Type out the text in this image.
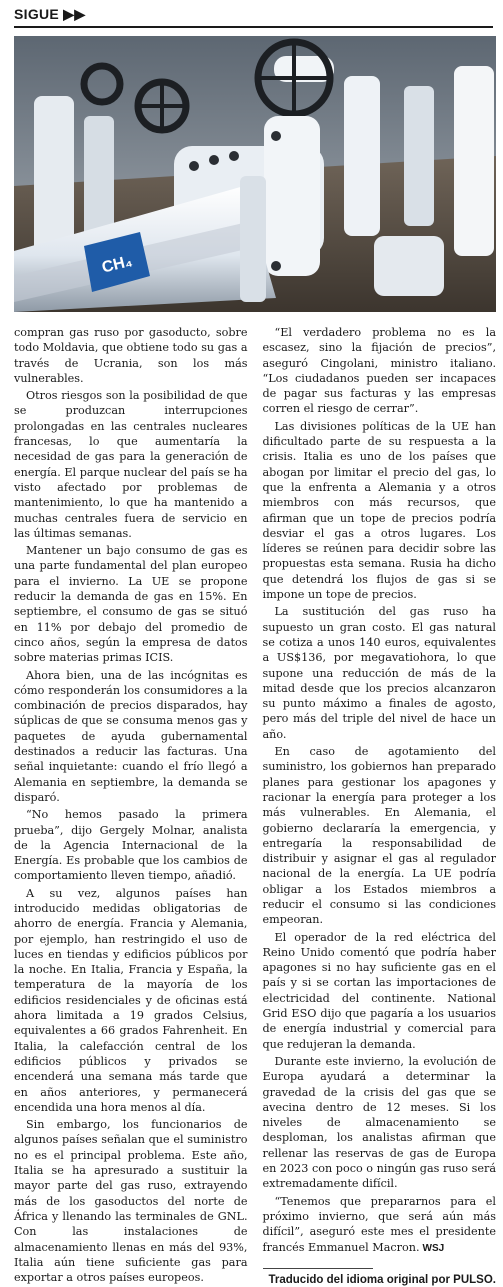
SIGUE ▶▶
CH₄

compran gas ruso por gasoducto, sobre todo Moldavia, que obtiene todo su gas a través de Ucrania, son los más vulnerables.

Otros riesgos son la posibilidad de que se produzcan interrupciones prolongadas en las centrales nucleares francesas, lo que aumentaría la necesidad de gas para la generación de energía. El parque nuclear del país se ha visto afectado por problemas de mantenimiento, lo que ha mantenido a muchas centrales fuera de servicio en las últimas semanas.

Mantener un bajo consumo de gas es una parte fundamental del plan europeo para el invierno. La UE se propone reducir la demanda de gas en 15%. En septiembre, el consumo de gas se situó en 11% por debajo del promedio de cinco años, según la empresa de datos sobre materias primas ICIS.

Ahora bien, una de las incógnitas es cómo responderán los consumidores a la combinación de precios disparados, hay súplicas de que se consuma menos gas y paquetes de ayuda gubernamental destinados a reducir las facturas. Una señal inquietante: cuando el frío llegó a Alemania en septiembre, la demanda se disparó.

“No hemos pasado la primera prueba”, dijo Gergely Molnar, analista de la Agencia Internacional de la Energía. Es probable que los cambios de comportamiento lleven tiempo, añadió.

A su vez, algunos países han introducido medidas obligatorias de ahorro de energía. Francia y Alemania, por ejemplo, han restringido el uso de luces en tiendas y edificios públicos por la noche. En Italia, Francia y España, la temperatura de la mayoría de los edificios residenciales y de oficinas está ahora limitada a 19 grados Celsius, equivalentes a 66 grados Fahrenheit. En Italia, la calefacción central de los edificios públicos y privados se encenderá una semana más tarde que en años anteriores, y permanecerá encendida una hora menos al día.

Sin embargo, los funcionarios de algunos países señalan que el suministro no es el principal problema. Este año, Italia se ha apresurado a sustituir la mayor parte del gas ruso, extrayendo más de los gasoductos del norte de África y llenando las terminales de GNL. Con las instalaciones de almacenamiento llenas en más del 93%, Italia aún tiene suficiente gas para exportar a otros países europeos.

“El verdadero problema no es la escasez, sino la fijación de precios”, aseguró Cingolani, ministro italiano. “Los ciudadanos pueden ser incapaces de pagar sus facturas y las empresas corren el riesgo de cerrar”.

Las divisiones políticas de la UE han dificultado parte de su respuesta a la crisis. Italia es uno de los países que abogan por limitar el precio del gas, lo que la enfrenta a Alemania y a otros miembros con más recursos, que afirman que un tope de precios podría desviar el gas a otros lugares. Los líderes se reúnen para decidir sobre las propuestas esta semana. Rusia ha dicho que detendrá los flujos de gas si se impone un tope de precios.

La sustitución del gas ruso ha supuesto un gran costo. El gas natural se cotiza a unos 140 euros, equivalentes a US$136, por megavatiohora, lo que supone una reducción de más de la mitad desde que los precios alcanzaron su punto máximo a finales de agosto, pero más del triple del nivel de hace un año.

En caso de agotamiento del suministro, los gobiernos han preparado planes para gestionar los apagones y racionar la energía para proteger a los más vulnerables. En Alemania, el gobierno declararía la emergencia, y entregaría la responsabilidad de distribuir y asignar el gas al regulador nacional de la energía. La UE podría obligar a los Estados miembros a reducir el consumo si las condiciones empeoran.

El operador de la red eléctrica del Reino Unido comentó que podría haber apagones si no hay suficiente gas en el país y si se cortan las importaciones de electricidad del continente. National Grid ESO dijo que pagaría a los usuarios de energía industrial y comercial para que redujeran la demanda.

Durante este invierno, la evolución de Europa ayudará a determinar la gravedad de la crisis del gas que se avecina dentro de 12 meses. Si los niveles de almacenamiento se desploman, los analistas afirman que rellenar las reservas de gas de Europa en 2023 con poco o ningún gas ruso será extremadamente difícil.

“Tenemos que prepararnos para el próximo invierno, que será aún más difícil”, aseguró este mes el presidente francés Emmanuel Macron. WSJ

Traducido del idioma original por PULSO.
